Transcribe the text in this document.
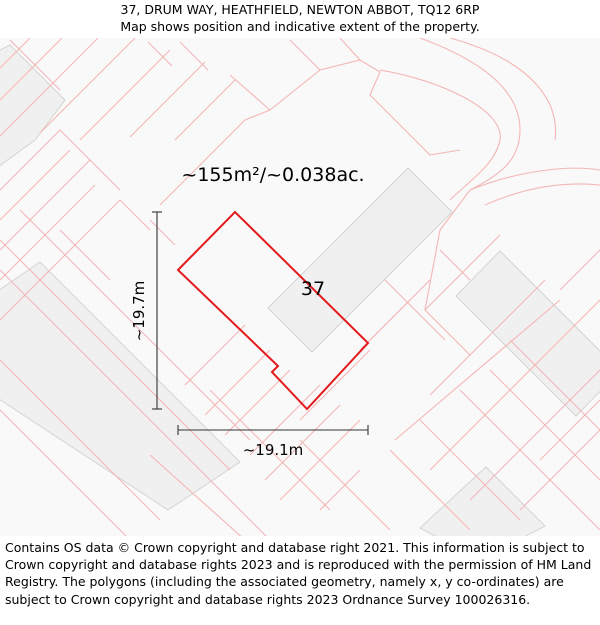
37, DRUM WAY, HEATHFIELD, NEWTON ABBOT, TQ12 6RP
Map shows position and indicative extent of the property.
~155m²/~0.038ac.
37
~19.7m
~19.1m
Contains OS data © Crown copyright and database right 2021. This information is subject to Crown copyright and database rights 2023 and is reproduced with the permission of HM Land Registry. The polygons (including the associated geometry, namely x, y co-ordinates) are subject to Crown copyright and database rights 2023 Ordnance Survey 100026316.
